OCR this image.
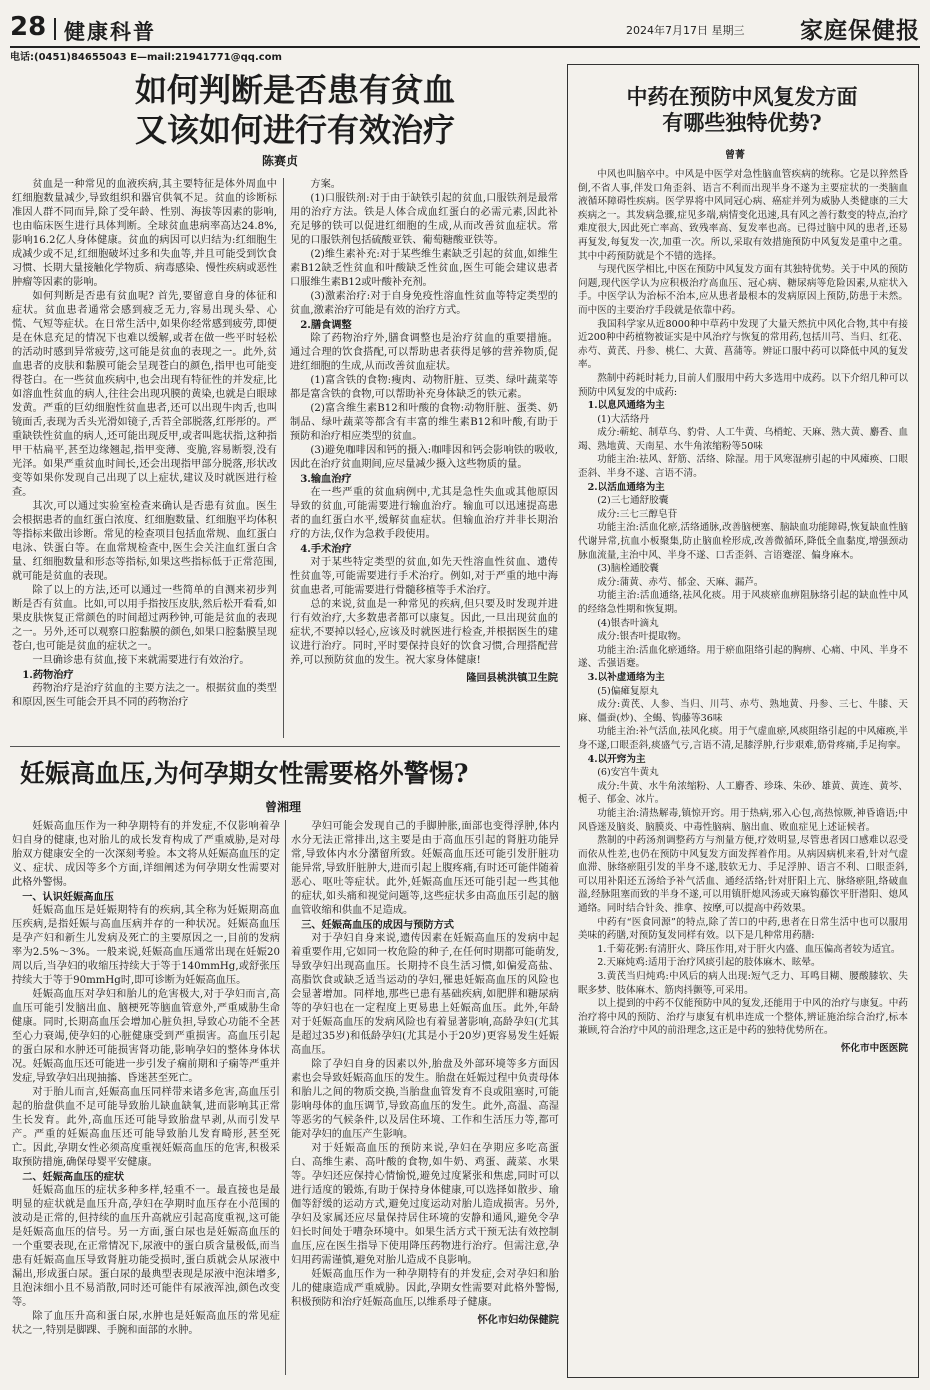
28 健康科普	2024年7月17日 星期三 家庭保健报
电话:(0451)84655043 E—mail:21941771@qq.com
如何判断是否患有贫血
又该如何进行有效治疗
陈赛贞

贫血是一种常见的血液疾病,其主要特征是体外周血中红细胞数量减少,导致组织和器官供氧不足。贫血的诊断标准因人群不同而异,除了受年龄、性别、海拔等因素的影响,也由临床医生进行具体判断。全球贫血患病率高达24.8%,影响16.2亿人身体健康。贫血的病因可以归结为:红细胞生成减少或不足,红细胞破坏过多和失血等,并且可能受到饮食习惯、长期大量接触化学物质、病毒感染、慢性疾病或恶性肿瘤等因素的影响。

如何判断是否患有贫血呢? 首先,要留意自身的体征和症状。贫血患者通常会感到疲乏无力,容易出现头晕、心慌、气短等症状。在日常生活中,如果你经常感到疲劳,即便是在休息充足的情况下也难以缓解,或者在做一些平时轻松的活动时感到异常疲劳,这可能是贫血的表现之一。此外,贫血患者的皮肤和黏膜可能会呈现苍白的颜色,指甲也可能变得苍白。在一些贫血疾病中,也会出现有特征性的并发症,比如溶血性贫血的病人,往往会出现巩膜的黄染,也就是白眼球发黄。严重的巨幼细胞性贫血患者,还可以出现牛肉舌,也叫镜面舌,表现为舌头光滑如镜子,舌苔全部脱落,红彤彤的。严重缺铁性贫血的病人,还可能出现反甲,或者叫匙状指,这种指甲干枯扁平,甚至边缘翘起,指甲变薄、变脆,容易断裂,没有光泽。如果严重贫血时间长,还会出现指甲部分脱落,形状改变等如果你发现自己出现了以上症状,建议及时就医进行检查。

其次,可以通过实验室检查来确认是否患有贫血。医生会根据患者的血红蛋白浓度、红细胞数量、红细胞平均体积等指标来做出诊断。常见的检查项目包括血常规、血红蛋白电泳、铁蛋白等。在血常规检查中,医生会关注血红蛋白含量、红细胞数量和形态等指标,如果这些指标低于正常范围,就可能是贫血的表现。

除了以上的方法,还可以通过一些简单的自测来初步判断是否有贫血。比如,可以用手指按压皮肤,然后松开看看,如果皮肤恢复正常颜色的时间超过两秒钟,可能是贫血的表现之一。另外,还可以观察口腔黏膜的颜色,如果口腔黏膜呈现苍白,也可能是贫血的症状之一。

一旦确诊患有贫血,接下来就需要进行有效治疗。

1.药物治疗

药物治疗是治疗贫血的主要方法之一。根据贫血的类型和原因,医生可能会开具不同的药物治疗

方案。

(1)口服铁剂:对于由于缺铁引起的贫血,口服铁剂是最常用的治疗方法。铁是人体合成血红蛋白的必需元素,因此补充足够的铁可以促进红细胞的生成,从而改善贫血症状。常见的口服铁剂包括硫酸亚铁、葡萄糖酸亚铁等。

(2)维生素补充:对于某些维生素缺乏引起的贫血,如维生素B12缺乏性贫血和叶酸缺乏性贫血,医生可能会建议患者口服维生素B12或叶酸补充剂。

(3)激素治疗:对于自身免疫性溶血性贫血等特定类型的贫血,激素治疗可能是有效的治疗方式。

2.膳食调整

除了药物治疗外,膳食调整也是治疗贫血的重要措施。通过合理的饮食搭配,可以帮助患者获得足够的营养物质,促进红细胞的生成,从而改善贫血症状。

(1)富含铁的食物:瘦肉、动物肝脏、豆类、绿叶蔬菜等都是富含铁的食物,可以帮助补充身体缺乏的铁元素。

(2)富含维生素B12和叶酸的食物:动物肝脏、蛋类、奶制品、绿叶蔬菜等都含有丰富的维生素B12和叶酸,有助于预防和治疗相应类型的贫血。

(3)避免咖啡因和钙的摄入:咖啡因和钙会影响铁的吸收,因此在治疗贫血期间,应尽量减少摄入这些物质的量。

3.输血治疗

在一些严重的贫血病例中,尤其是急性失血或其他原因导致的贫血,可能需要进行输血治疗。输血可以迅速提高患者的血红蛋白水平,缓解贫血症状。但输血治疗并非长期治疗的方法,仅作为急救手段使用。

4.手术治疗

对于某些特定类型的贫血,如先天性溶血性贫血、遗传性贫血等,可能需要进行手术治疗。例如,对于严重的地中海贫血患者,可能需要进行骨髓移植等手术治疗。

总的来说,贫血是一种常见的疾病,但只要及时发现并进行有效治疗,大多数患者都可以康复。因此,一旦出现贫血的症状,不要掉以轻心,应该及时就医进行检查,并根据医生的建议进行治疗。同时,平时要保持良好的饮食习惯,合理搭配营养,可以预防贫血的发生。祝大家身体健康!

隆回县桃洪镇卫生院

妊娠高血压,为何孕期女性需要格外警惕?
曾湘理

妊娠高血压作为一种孕期特有的并发症,不仅影响着孕妇自身的健康,也对胎儿的成长发育构成了严重威胁,是对母胎双方健康安全的一次深刻考验。本文将从妊娠高血压的定义、症状、成因等多个方面,详细阐述为何孕期女性需要对此格外警惕。

一、认识妊娠高血压

妊娠高血压是妊娠期特有的疾病,其全称为妊娠期高血压疾病,是指妊娠与高血压病并存的一种状况。妊娠高血压是孕产妇和新生儿发病及死亡的主要原因之一,目前的发病率为2.5%～3%。一般来说,妊娠高血压通常出现在妊娠20周以后,当孕妇的收缩压持续大于等于140mmHg,或舒张压持续大于等于90mmHg时,即可诊断为妊娠高血压。

妊娠高血压对孕妇和胎儿的危害极大,对于孕妇而言,高血压可能引发脑出血、脑梗死等脑血管意外,严重威胁生命健康。同时,长期高血压会增加心脏负担,导致心功能不全甚至心力衰竭,使孕妇的心脏健康受到严重损害。高血压引起的蛋白尿和水肿还可能损害肾功能,影响孕妇的整体身体状况。妊娠高血压还可能进一步引发子痫前期和子痫等严重并发症,导致孕妇出现抽搐、昏迷甚至死亡。

对于胎儿而言,妊娠高血压同样带来诸多危害,高血压引起的胎盘供血不足可能导致胎儿缺血缺氧,进而影响其正常生长发育。此外,高血压还可能导致胎盘早剥,从而引发早产。严重的妊娠高血压还可能导致胎儿发育畸形,甚至死亡。因此,孕期女性必须高度重视妊娠高血压的危害,积极采取预防措施,确保母婴平安健康。

二、妊娠高血压的症状

妊娠高血压的症状多种多样,轻重不一。最直接也是最明显的症状就是血压升高,孕妇在孕期时血压存在小范围的波动是正常的,但持续的血压升高就应引起高度重视,这可能是妊娠高血压的信号。另一方面,蛋白尿也是妊娠高血压的一个重要表现,在正常情况下,尿液中的蛋白质含量极低,而当患有妊娠高血压导致肾脏功能受损时,蛋白质就会从尿液中漏出,形成蛋白尿。蛋白尿的最典型表现是尿液中泡沫增多,且泡沫细小且不易消散,同时还可能伴有尿液浑浊,颜色改变等。

除了血压升高和蛋白尿,水肿也是妊娠高血压的常见症状之一,特别是脚踝、手腕和面部的水肿。

孕妇可能会发现自己的手脚肿胀,面部也变得浮肿,体内水分无法正常排出,这主要是由于高血压引起的肾脏功能异常,导致体内水分潴留所致。妊娠高血压还可能引发肝脏功能异常,导致肝脏肿大,进而引起上腹疼痛,有时还可能伴随着恶心、呕吐等症状。此外,妊娠高血压还可能引起一些其他的症状,如头痛和视觉问题等,这些症状多由高血压引起的脑血管收缩和供血不足造成。

三、妊娠高血压的成因与预防方式

对于孕妇自身来说,遗传因素在妊娠高血压的发病中起着重要作用,它如同一枚危险的种子,在任何时期都可能萌发,导致孕妇出现高血压。长期持不良生活习惯,如偏爱高盐、高脂饮食或缺乏适当运动的孕妇,罹患妊娠高血压的风险也会显著增加。同样地,那些已患有基础疾病,如肥胖和糖尿病等的孕妇也在一定程度上更易患上妊娠高血压。此外,年龄对于妊娠高血压的发病风险也有着显著影响,高龄孕妇(尤其是超过35岁)和低龄孕妇(尤其是小于20岁)更容易发生妊娠高血压。

除了孕妇自身的因素以外,胎盘及外部环境等多方面因素也会导致妊娠高血压的发生。胎盘在妊娠过程中负责母体和胎儿之间的物质交换,当胎盘血管发育不良或阻塞时,可能影响母体的血压调节,导致高血压的发生。此外,高温、高湿等恶劣的气候条件,以及居住环境、工作和生活压力等,都可能对孕妇的血压产生影响。

对于妊娠高血压的预防来说,孕妇在孕期应多吃高蛋白、高维生素、高叶酸的食物,如牛奶、鸡蛋、蔬菜、水果等。孕妇还应保持心情愉悦,避免过度紧张和焦虑,同时可以进行适度的锻炼,有助于保持身体健康,可以选择如散步、瑜伽等舒缓的运动方式,避免过度运动对胎儿造成损害。另外,孕妇及家属还应尽量保持居住环境的安静和通风,避免令孕妇长时间处于嘈杂环境中。如果生活方式干预无法有效控制血压,应在医生指导下使用降压药物进行治疗。但需注意,孕妇用药需谨慎,避免对胎儿造成不良影响。

妊娠高血压作为一种孕期特有的并发症,会对孕妇和胎儿的健康造成严重威胁。因此,孕期女性需要对此格外警惕,积极预防和治疗妊娠高血压,以维系母子健康。

怀化市妇幼保健院

中药在预防中风复发方面
有哪些独特优势?
曾菁

中风也叫脑卒中。中风是中医学对急性脑血管疾病的统称。它是以猝然昏倒,不省人事,伴发口角歪斜、语言不利而出现半身不遂为主要症状的一类脑血液循环障碍性疾病。医学界将中风同冠心病、癌症并列为威胁人类健康的三大疾病之一。其发病急骤,症见多端,病情变化迅速,具有风之善行数变的特点,治疗难度很大,因此死亡率高、致残率高、复发率也高。已得过脑中风的患者,还易再复发,每复发一次,加重一次。所以,采取有效措施预防中风复发是重中之重。其中中药预防就是个不错的选择。

与现代医学相比,中医在预防中风复发方面有其独特优势。关于中风的预防问题,现代医学认为应积极治疗高血压、冠心病、糖尿病等危险因素,从症状入手。中医学认为治标不治本,应从患者最根本的发病原因上预防,防患于未然。而中医的主要治疗手段就是依靠中药。

我国科学家从近8000种中草药中发现了大量天然抗中风化合物,其中有接近200种中药植物被证实是中风治疗与恢复的常用药,包括川芎、当归、红花、赤芍、黄芪、丹参、桃仁、大黄、菖蒲等。辨证口服中药可以降低中风的复发率。

熬制中药耗时耗力,目前人们服用中药大多选用中成药。以下介绍几种可以预防中风复发的中成药:

1.以息风通络为主

(1)大活络丹

成分:蕲蛇、制草乌、豹骨、人工牛黄、乌梢蛇、天麻、熟大黄、麝香、血竭、熟地黄、天南星、水牛角浓缩粉等50味

功能主治:祛风、舒筋、活络、除湿。用于风寒湿痹引起的中风瘫痪、口眼歪斜、半身不遂、言语不清。

2.以活血通络为主

(2)三七通舒胶囊

成分:三七三醇皂苷

功能主治:活血化瘀,活络通脉,改善脑梗塞、脑缺血功能障碍,恢复缺血性脑代谢异常,抗血小板聚集,防止脑血栓形成,改善微循环,降低全血黏度,增强颈动脉血流量,主治中风、半身不遂、口舌歪斜、言语蹇涩、偏身麻木。

(3)脑栓通胶囊

成分:蒲黄、赤芍、郁金、天麻、漏芦。

功能主治:活血通络,祛风化痰。用于风痰瘀血痹阻脉络引起的缺血性中风的经络急性期和恢复期。

(4)银杏叶滴丸

成分:银杏叶提取物。

功能主治:活血化瘀通络。用于瘀血阻络引起的胸痹、心痛、中风、半身不遂、舌强语蹇。

3.以补虚通络为主

(5)偏瘫复原丸

成分:黄芪、人参、当归、川芎、赤芍、熟地黄、丹参、三七、牛膝、天麻、僵蚕(炒)、全蝎、钩藤等36味

功能主治:补气活血,祛风化痰。用于气虚血瘀,风痰阻络引起的中风瘫痪,半身不遂,口眼歪斜,痰盛气亏,言语不清,足膝浮肿,行步艰难,筋骨疼痛,手足拘挛。

4.以开窍为主

(6)安宫牛黄丸

成分:牛黄、水牛角浓缩粉、人工麝香、珍珠、朱砂、雄黄、黄连、黄芩、栀子、郁金、冰片。

功能主治:清热解毒,镇惊开窍。用于热病,邪入心包,高热惊厥,神昏谵语;中风昏迷及脑炎、脑膜炎、中毒性脑病、脑出血、败血症见上述证候者。

熬制的中药汤剂调整药方与剂量方便,疗效明显,尽管患者因口感难以忍受而依从性差,也仍在预防中风复发方面发挥着作用。从病因病机来看,针对气虚血滞、脉络瘀阻引发的半身不遂,肢软无力、手足浮肿、语言不利、口眼歪斜,可以用补阳还五汤给予补气活血、通经活络;针对肝阳上亢、脉络瘀阻,络破血溢,经脉阻塞而致的半身不遂,可以用镇肝熄风汤或天麻钩藤饮平肝潜阳、熄风通络。同时结合针灸、推拿、按摩,可以提高中药效果。

中药有“医食同源”的特点,除了苦口的中药,患者在日常生活中也可以服用美味的药膳,对预防复发同样有效。以下是几种常用药膳:

1.千菊花粥:有清肝火、降压作用,对于肝火内盛、血压偏高者较为适宜。

2.天麻炖鸡:适用于治疗风痰引起的肢体麻木、眩晕。

3.黄芪当归炖鸡:中风后的病人出现:短气乏力、耳鸣目糊、腰酸膝软、失眠多梦、肢体麻木、筋肉抖颤等,可采用。

以上提到的中药不仅能预防中风的复发,还能用于中风的治疗与康复。中药治疗将中风的预防、治疗与康复有机串连成一个整体,辨证施治综合治疗,标本兼顾,符合治疗中风的前沿理念,这正是中药的独特优势所在。

怀化市中医医院
